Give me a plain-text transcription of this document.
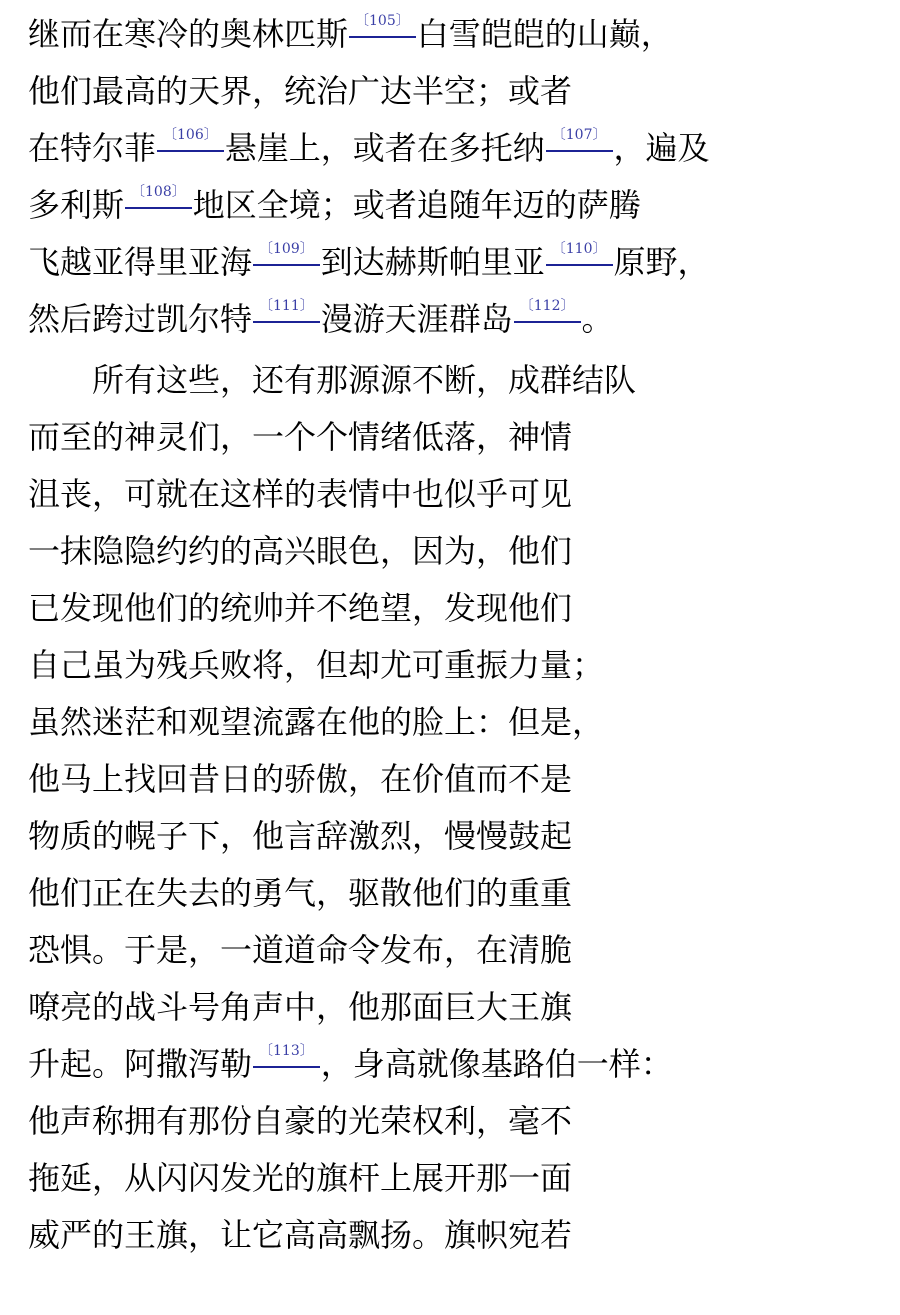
继而在寒冷的奥林匹斯 〔105〕 白雪皑皑的山巅，
他们最高的天界，统治广达半空；或者
在特尔菲 〔106〕 悬崖上，或者在多托纳 〔107〕 ，遍及
多利斯 〔108〕 地区全境；或者追随年迈的萨腾
飞越亚得里亚海 〔109〕 到达赫斯帕里亚 〔110〕 原野，
然后跨过凯尔特 〔111〕 漫游天涯群岛 〔112〕 。
　　所有这些，还有那源源不断，成群结队
而至的神灵们，一个个情绪低落，神情
沮丧，可就在这样的表情中也似乎可见
一抹隐隐约约的高兴眼色，因为，他们
已发现他们的统帅并不绝望，发现他们
自己虽为残兵败将，但却尤可重振力量；
虽然迷茫和观望流露在他的脸上：但是，
他马上找回昔日的骄傲，在价值而不是
物质的幌子下，他言辞激烈，慢慢鼓起
他们正在失去的勇气，驱散他们的重重
恐惧。于是，一道道命令发布，在清脆
嘹亮的战斗号角声中，他那面巨大王旗
升起。阿撒泻勒 〔113〕 ，身高就像基路伯一样：
他声称拥有那份自豪的光荣权利，毫不
拖延，从闪闪发光的旗杆上展开那一面
威严的王旗，让它高高飘扬。旗帜宛若
